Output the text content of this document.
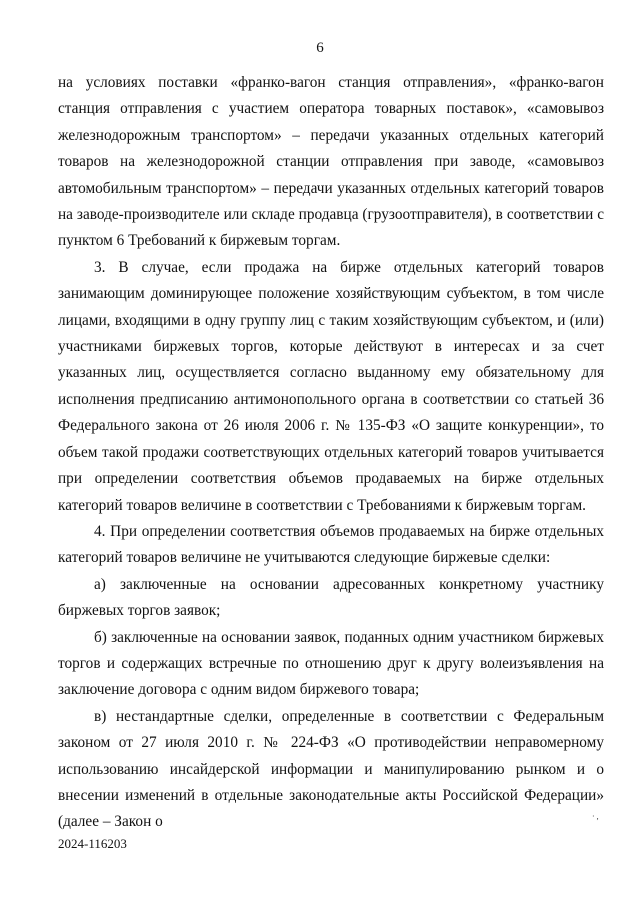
6

на условиях поставки «франко-вагон станция отправления», «франко-вагон станция отправления с участием оператора товарных поставок», «самовывоз железнодорожным транспортом» – передачи указанных отдельных категорий товаров на железнодорожной станции отправления при заводе, «самовывоз автомобильным транспортом» – передачи указанных отдельных категорий товаров на заводе-производителе или складе продавца (грузоотправителя), в соответствии с пунктом 6 Требований к биржевым торгам.

3. В случае, если продажа на бирже отдельных категорий товаров занимающим доминирующее положение хозяйствующим субъектом, в том числе лицами, входящими в одну группу лиц с таким хозяйствующим субъектом, и (или) участниками биржевых торгов, которые действуют в интересах и за счет указанных лиц, осуществляется согласно выданному ему обязательному для исполнения предписанию антимонопольного органа в соответствии со статьей 36 Федерального закона от 26 июля 2006 г. № 135-ФЗ «О защите конкуренции», то объем такой продажи соответствующих отдельных категорий товаров учитывается при определении соответствия объемов продаваемых на бирже отдельных категорий товаров величине в соответствии с Требованиями к биржевым торгам.

4. При определении соответствия объемов продаваемых на бирже отдельных категорий товаров величине не учитываются следующие биржевые сделки:

а) заключенные на основании адресованных конкретному участнику биржевых торгов заявок;

б) заключенные на основании заявок, поданных одним участником биржевых торгов и содержащих встречные по отношению друг к другу волеизъявления на заключение договора с одним видом биржевого товара;

в) нестандартные сделки, определенные в соответствии с Федеральным законом от 27 июля 2010 г. № 224-ФЗ «О противодействии неправомерному использованию инсайдерской информации и манипулированию рынком и о внесении изменений в отдельные законодательные акты Российской Федерации» (далее – Закон о	· ,
2024-116203
